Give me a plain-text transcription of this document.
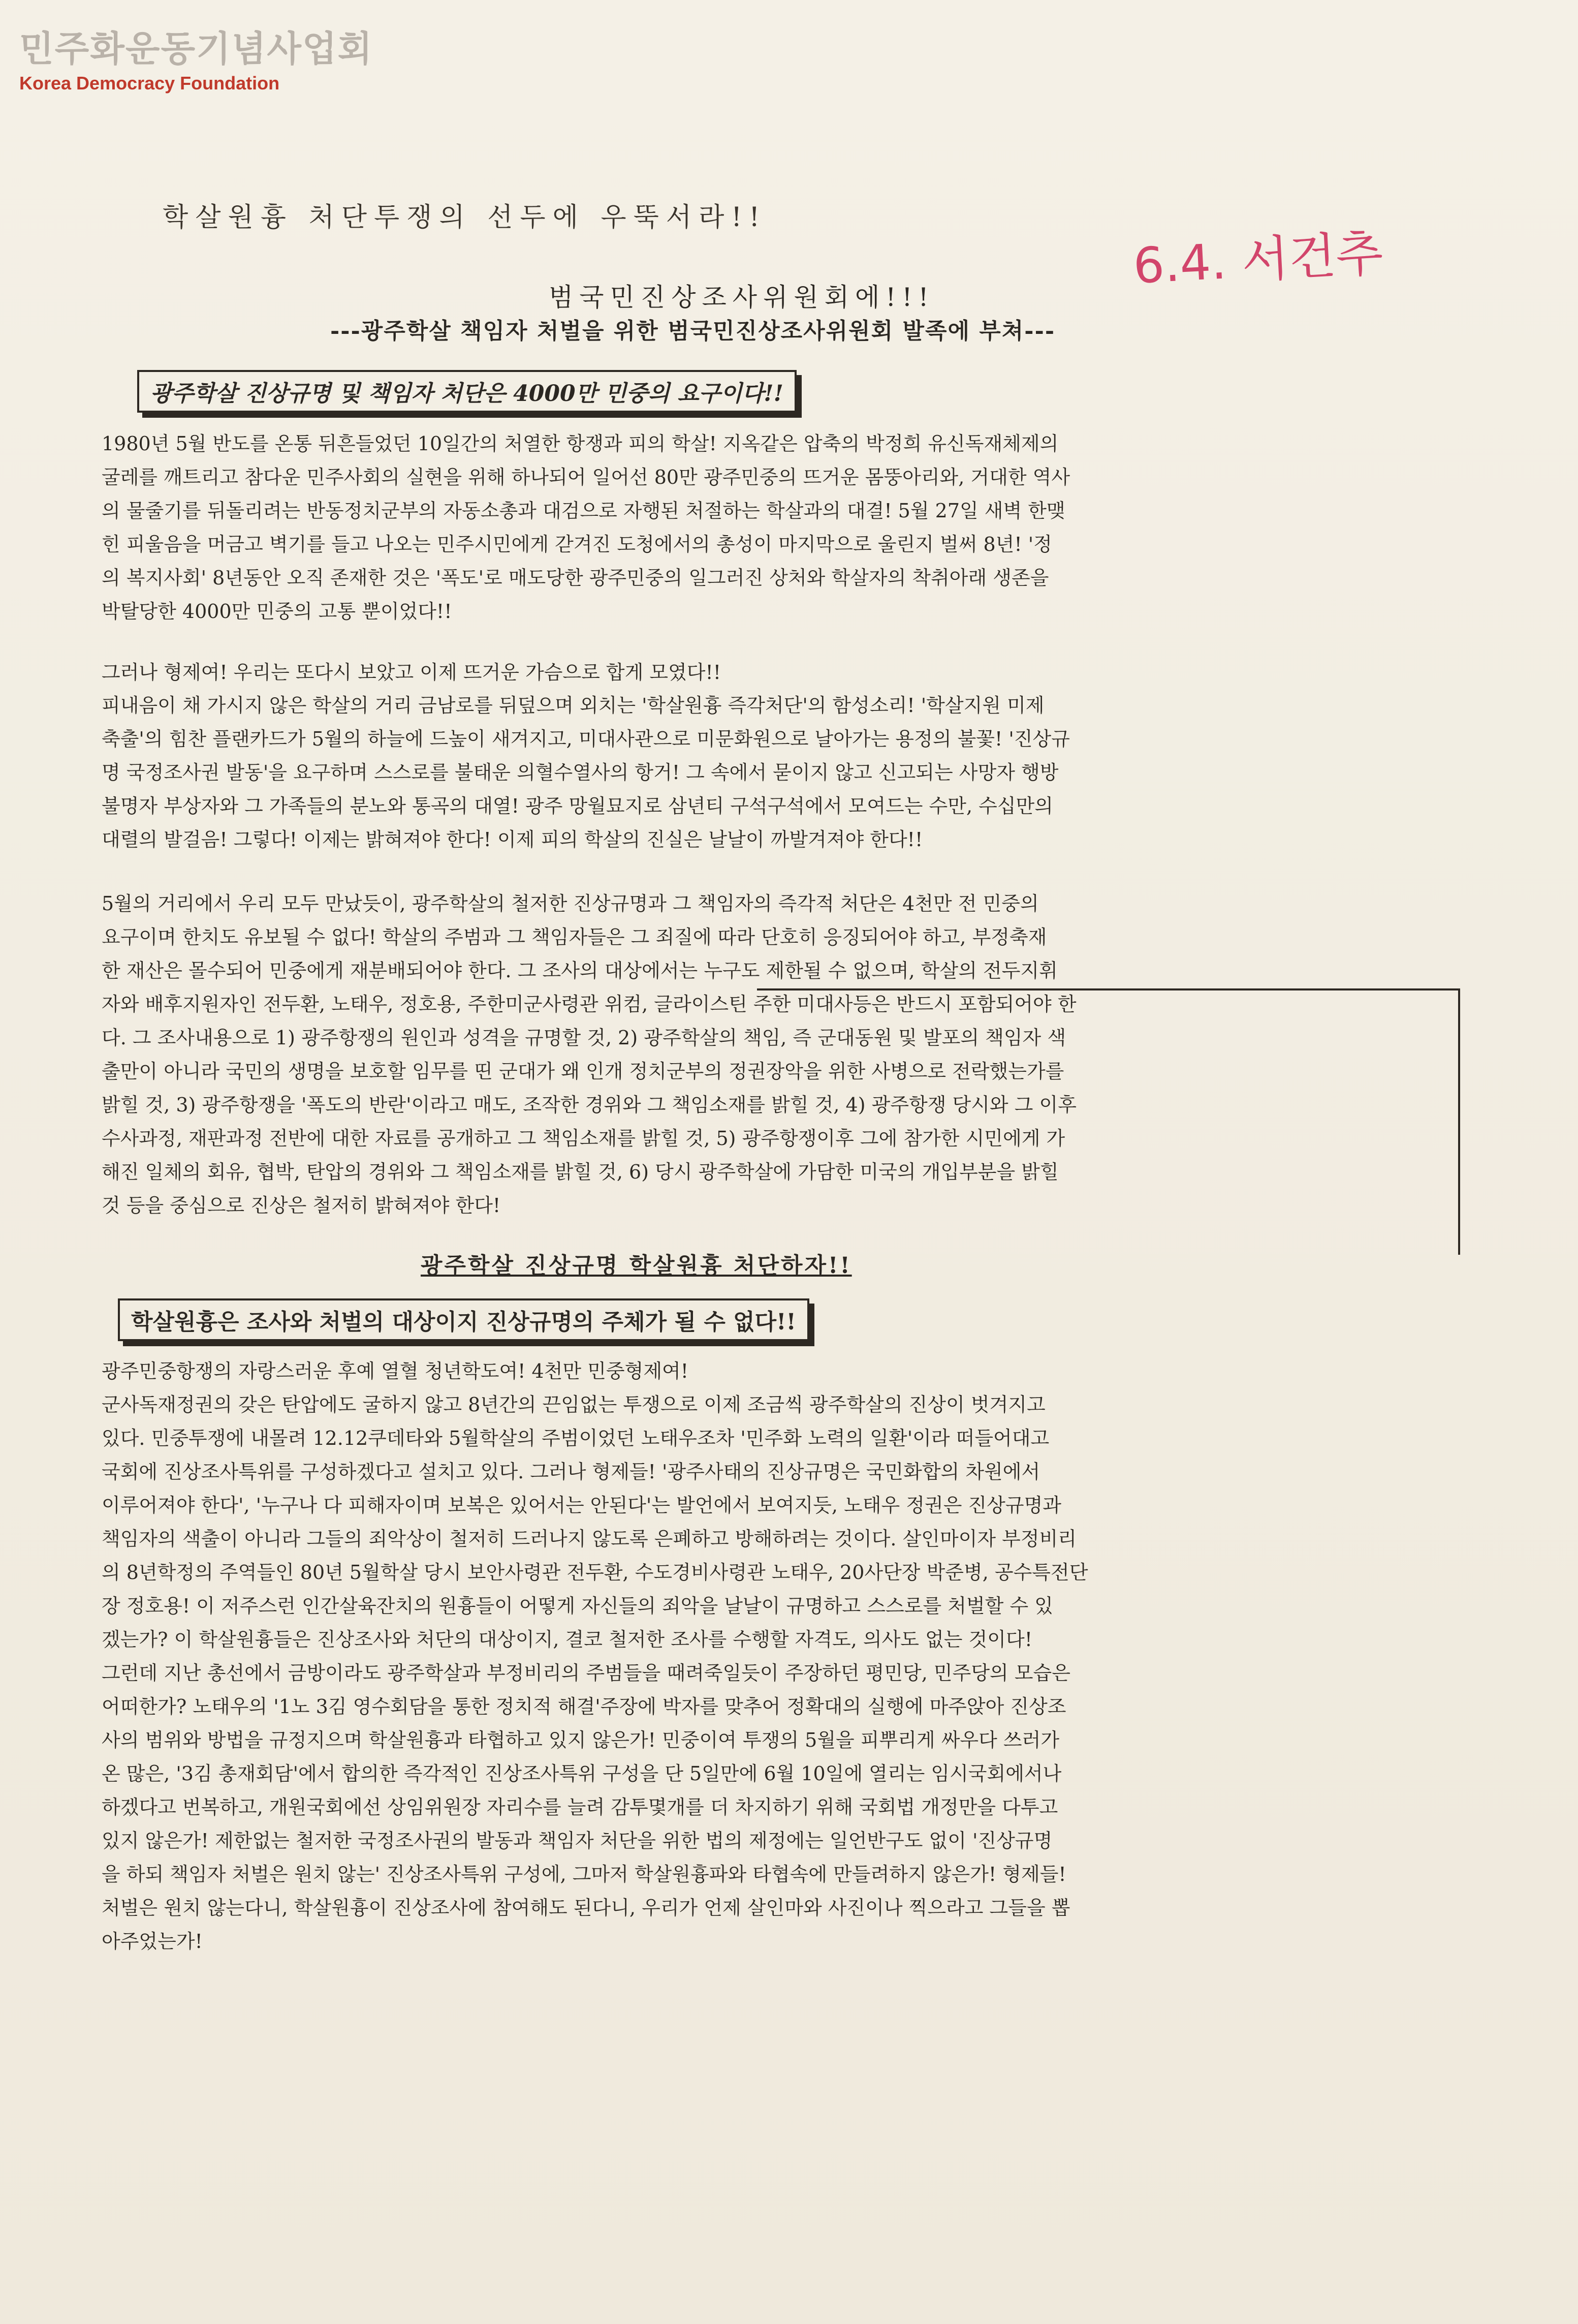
민주화운동기념사업회
Korea Democracy Foundation
학살원흉 처단투쟁의 선두에 우뚝서라!!
6.4. 서건추
범국민진상조사위원회에!!!
---광주학살 책임자 처벌을 위한 범국민진상조사위원회 발족에 부쳐---
광주학살 진상규명 및 책임자 처단은 4000만 민중의 요구이다!!
1980년 5월 반도를 온통 뒤흔들었던 10일간의 처열한 항쟁과 피의 학살! 지옥같은 압축의 박정희 유신독재체제의
굴레를 깨트리고 참다운 민주사회의 실현을 위해 하나되어 일어선 80만 광주민중의 뜨거운 몸뚱아리와, 거대한 역사
의 물줄기를 뒤돌리려는 반동정치군부의 자동소총과 대검으로 자행된 처절하는 학살과의 대결! 5월 27일 새벽 한맺
힌 피울음을 머금고 벽기를 들고 나오는 민주시민에게 갇겨진 도청에서의 총성이 마지막으로 울린지 벌써 8년! '정
의 복지사회' 8년동안 오직 존재한 것은 '폭도'로 매도당한 광주민중의 일그러진 상처와 학살자의 착취아래 생존을
박탈당한 4000만 민중의 고통 뿐이었다!!
그러나 형제여! 우리는 또다시 보았고 이제 뜨거운 가슴으로 합게 모였다!!
피내음이 채 가시지 않은 학살의 거리 금남로를 뒤덮으며 외치는 '학살원흉 즉각처단'의 함성소리! '학살지원 미제
축출'의 힘찬 플랜카드가 5월의 하늘에 드높이 새겨지고, 미대사관으로 미문화원으로 날아가는 용정의 불꽃! '진상규
명 국정조사권 발동'을 요구하며 스스로를 불태운 의혈수열사의 항거! 그 속에서 묻이지 않고 신고되는 사망자 행방
불명자 부상자와 그 가족들의 분노와 통곡의 대열! 광주 망월묘지로 삼년티 구석구석에서 모여드는 수만, 수십만의
대렬의 발걸음! 그렇다! 이제는 밝혀져야 한다! 이제 피의 학살의 진실은 날날이 까발겨져야 한다!!
5월의 거리에서 우리 모두 만났듯이, 광주학살의 철저한 진상규명과 그 책임자의 즉각적 처단은 4천만 전 민중의
요구이며 한치도 유보될 수 없다! 학살의 주범과 그 책임자들은 그 죄질에 따라 단호히 응징되어야 하고, 부정축재
한 재산은 몰수되어 민중에게 재분배되어야 한다. 그 조사의 대상에서는 누구도 제한될 수 없으며, 학살의 전두지휘
자와 배후지원자인 전두환, 노태우, 정호용, 주한미군사령관 위컴, 글라이스틴 주한 미대사등은 반드시 포함되어야 한
다. 그 조사내용으로 1) 광주항쟁의 원인과 성격을 규명할 것, 2) 광주학살의 책임, 즉 군대동원 및 발포의 책임자 색
출만이 아니라 국민의 생명을 보호할 임무를 띤 군대가 왜 인개 정치군부의 정권장악을 위한 사병으로 전락했는가를
밝힐 것, 3) 광주항쟁을 '폭도의 반란'이라고 매도, 조작한 경위와 그 책임소재를 밝힐 것, 4) 광주항쟁 당시와 그 이후
수사과정, 재판과정 전반에 대한 자료를 공개하고 그 책임소재를 밝힐 것, 5) 광주항쟁이후 그에 참가한 시민에게 가
해진 일체의 회유, 협박, 탄압의 경위와 그 책임소재를 밝힐 것, 6) 당시 광주학살에 가담한 미국의 개입부분을 밝힐
것 등을 중심으로 진상은 철저히 밝혀져야 한다!
광주학살 진상규명 학살원흉 처단하자!!
학살원흉은 조사와 처벌의 대상이지 진상규명의 주체가 될 수 없다!!
광주민중항쟁의 자랑스러운 후예 열혈 청년학도여! 4천만 민중형제여!
군사독재정권의 갖은 탄압에도 굴하지 않고 8년간의 끈임없는 투쟁으로 이제 조금씩 광주학살의 진상이 벗겨지고
있다. 민중투쟁에 내몰려 12.12쿠데타와 5월학살의 주범이었던 노태우조차 '민주화 노력의 일환'이라 떠들어대고
국회에 진상조사특위를 구성하겠다고 설치고 있다. 그러나 형제들! '광주사태의 진상규명은 국민화합의 차원에서
이루어져야 한다', '누구나 다 피해자이며 보복은 있어서는 안된다'는 발언에서 보여지듯, 노태우 정권은 진상규명과
책임자의 색출이 아니라 그들의 죄악상이 철저히 드러나지 않도록 은폐하고 방해하려는 것이다. 살인마이자 부정비리
의 8년학정의 주역들인 80년 5월학살 당시 보안사령관 전두환, 수도경비사령관 노태우, 20사단장 박준병, 공수특전단
장 정호용! 이 저주스런 인간살육잔치의 원흉들이 어떻게 자신들의 죄악을 날날이 규명하고 스스로를 처벌할 수 있
겠는가? 이 학살원흉들은 진상조사와 처단의 대상이지, 결코 철저한 조사를 수행할 자격도, 의사도 없는 것이다!
그런데 지난 총선에서 금방이라도 광주학살과 부정비리의 주범들을 때려죽일듯이 주장하던 평민당, 민주당의 모습은
어떠한가? 노태우의 '1노 3김 영수회담을 통한 정치적 해결'주장에 박자를 맞추어 정확대의 실행에 마주앉아 진상조
사의 범위와 방법을 규정지으며 학살원흉과 타협하고 있지 않은가! 민중이여 투쟁의 5월을 피뿌리게 싸우다 쓰러가
온 많은, '3김 총재회담'에서 합의한 즉각적인 진상조사특위 구성을 단 5일만에 6월 10일에 열리는 임시국회에서나
하겠다고 번복하고, 개원국회에선 상임위원장 자리수를 늘려 감투몇개를 더 차지하기 위해 국회법 개정만을 다투고
있지 않은가! 제한없는 철저한 국정조사권의 발동과 책임자 처단을 위한 법의 제정에는 일언반구도 없이 '진상규명
을 하되 책임자 처벌은 원치 않는' 진상조사특위 구성에, 그마저 학살원흉파와 타협속에 만들려하지 않은가! 형제들!
처벌은 원치 않는다니, 학살원흉이 진상조사에 참여해도 된다니, 우리가 언제 살인마와 사진이나 찍으라고 그들을 뽑
아주었는가!
